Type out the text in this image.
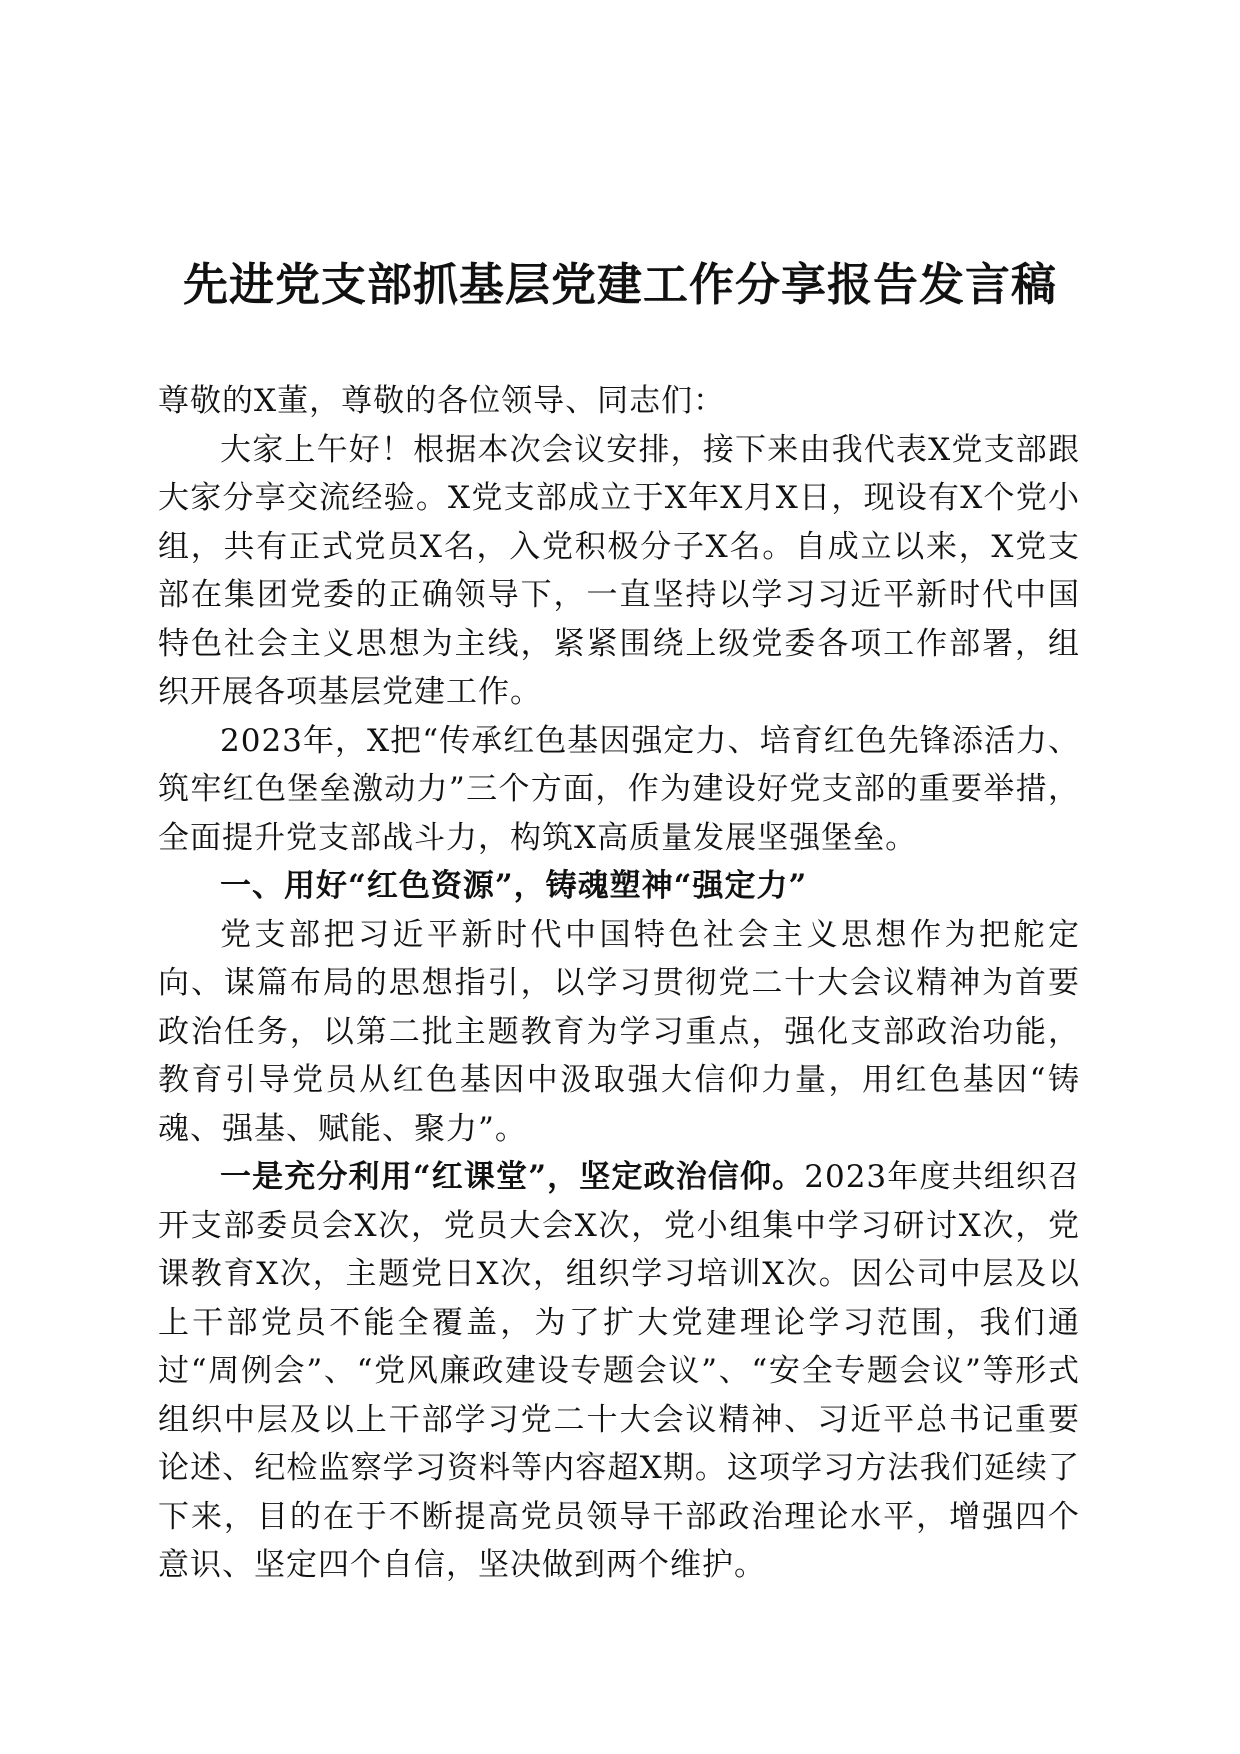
先进党支部抓基层党建工作分享报告发言稿

尊敬的X董，尊敬的各位领导、同志们：

大家上午好！根据本次会议安排，接下来由我代表X党支部跟大家分享交流经验。X党支部成立于X年X月X日，现设有X个党小组，共有正式党员X名，入党积极分子X名。自成立以来，X党支部在集团党委的正确领导下，一直坚持以学习习近平新时代中国特色社会主义思想为主线，紧紧围绕上级党委各项工作部署，组织开展各项基层党建工作。

2023年，X把“传承红色基因强定力、培育红色先锋添活力、筑牢红色堡垒激动力”三个方面，作为建设好党支部的重要举措，全面提升党支部战斗力，构筑X高质量发展坚强堡垒。

一、用好“红色资源”，铸魂塑神“强定力”

党支部把习近平新时代中国特色社会主义思想作为把舵定向、谋篇布局的思想指引，以学习贯彻党二十大会议精神为首要政治任务，以第二批主题教育为学习重点，强化支部政治功能，教育引导党员从红色基因中汲取强大信仰力量，用红色基因“铸魂、强基、赋能、聚力”。

一是充分利用“红课堂”，坚定政治信仰。2023年度共组织召开支部委员会X次，党员大会X次，党小组集中学习研讨X次，党课教育X次，主题党日X次，组织学习培训X次。因公司中层及以上干部党员不能全覆盖，为了扩大党建理论学习范围，我们通过“周例会”、“党风廉政建设专题会议”、“安全专题会议”等形式组织中层及以上干部学习党二十大会议精神、习近平总书记重要论述、纪检监察学习资料等内容超X期。这项学习方法我们延续了下来，目的在于不断提高党员领导干部政治理论水平，增强四个意识、坚定四个自信，坚决做到两个维护。
